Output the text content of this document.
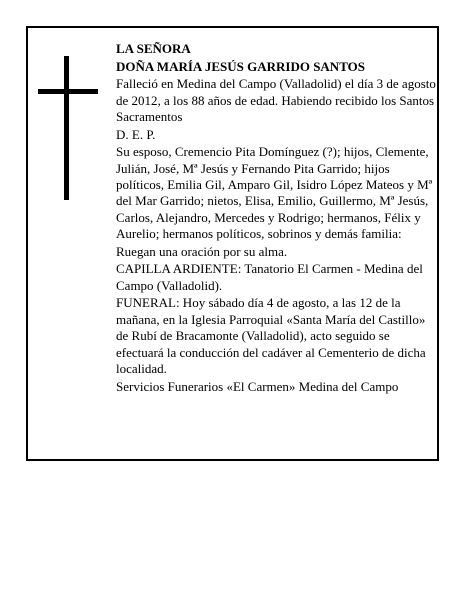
LA SEÑORA

DOÑA MARÍA JESÚS GARRIDO SANTOS

Falleció en Medina del Campo (Valladolid) el día 3 de agosto de 2012, a los 88 años de edad. Habiendo recibido los Santos Sacramentos

D. E. P.

Su esposo, Cremencio Pita Domínguez (?); hijos, Clemente, Julián, José, Mª Jesús y Fernando Pita Garrido; hijos políticos, Emilia Gil, Amparo Gil, Isidro López Mateos y Mª del Mar Garrido; nietos, Elisa, Emilio, Guillermo, Mª Jesús, Carlos, Alejandro, Mercedes y Rodrigo; hermanos, Félix y Aurelio; hermanos políticos, sobrinos y demás familia:

Ruegan una oración por su alma.

CAPILLA ARDIENTE: Tanatorio El Carmen - Medina del Campo (Valladolid).

FUNERAL: Hoy sábado día 4 de agosto, a las 12 de la mañana, en la Iglesia Parroquial «Santa María del Castillo» de Rubí de Bracamonte (Valladolid), acto seguido se efectuará la conducción del cadáver al Cementerio de dicha localidad.

Servicios Funerarios «El Carmen» Medina del Campo
